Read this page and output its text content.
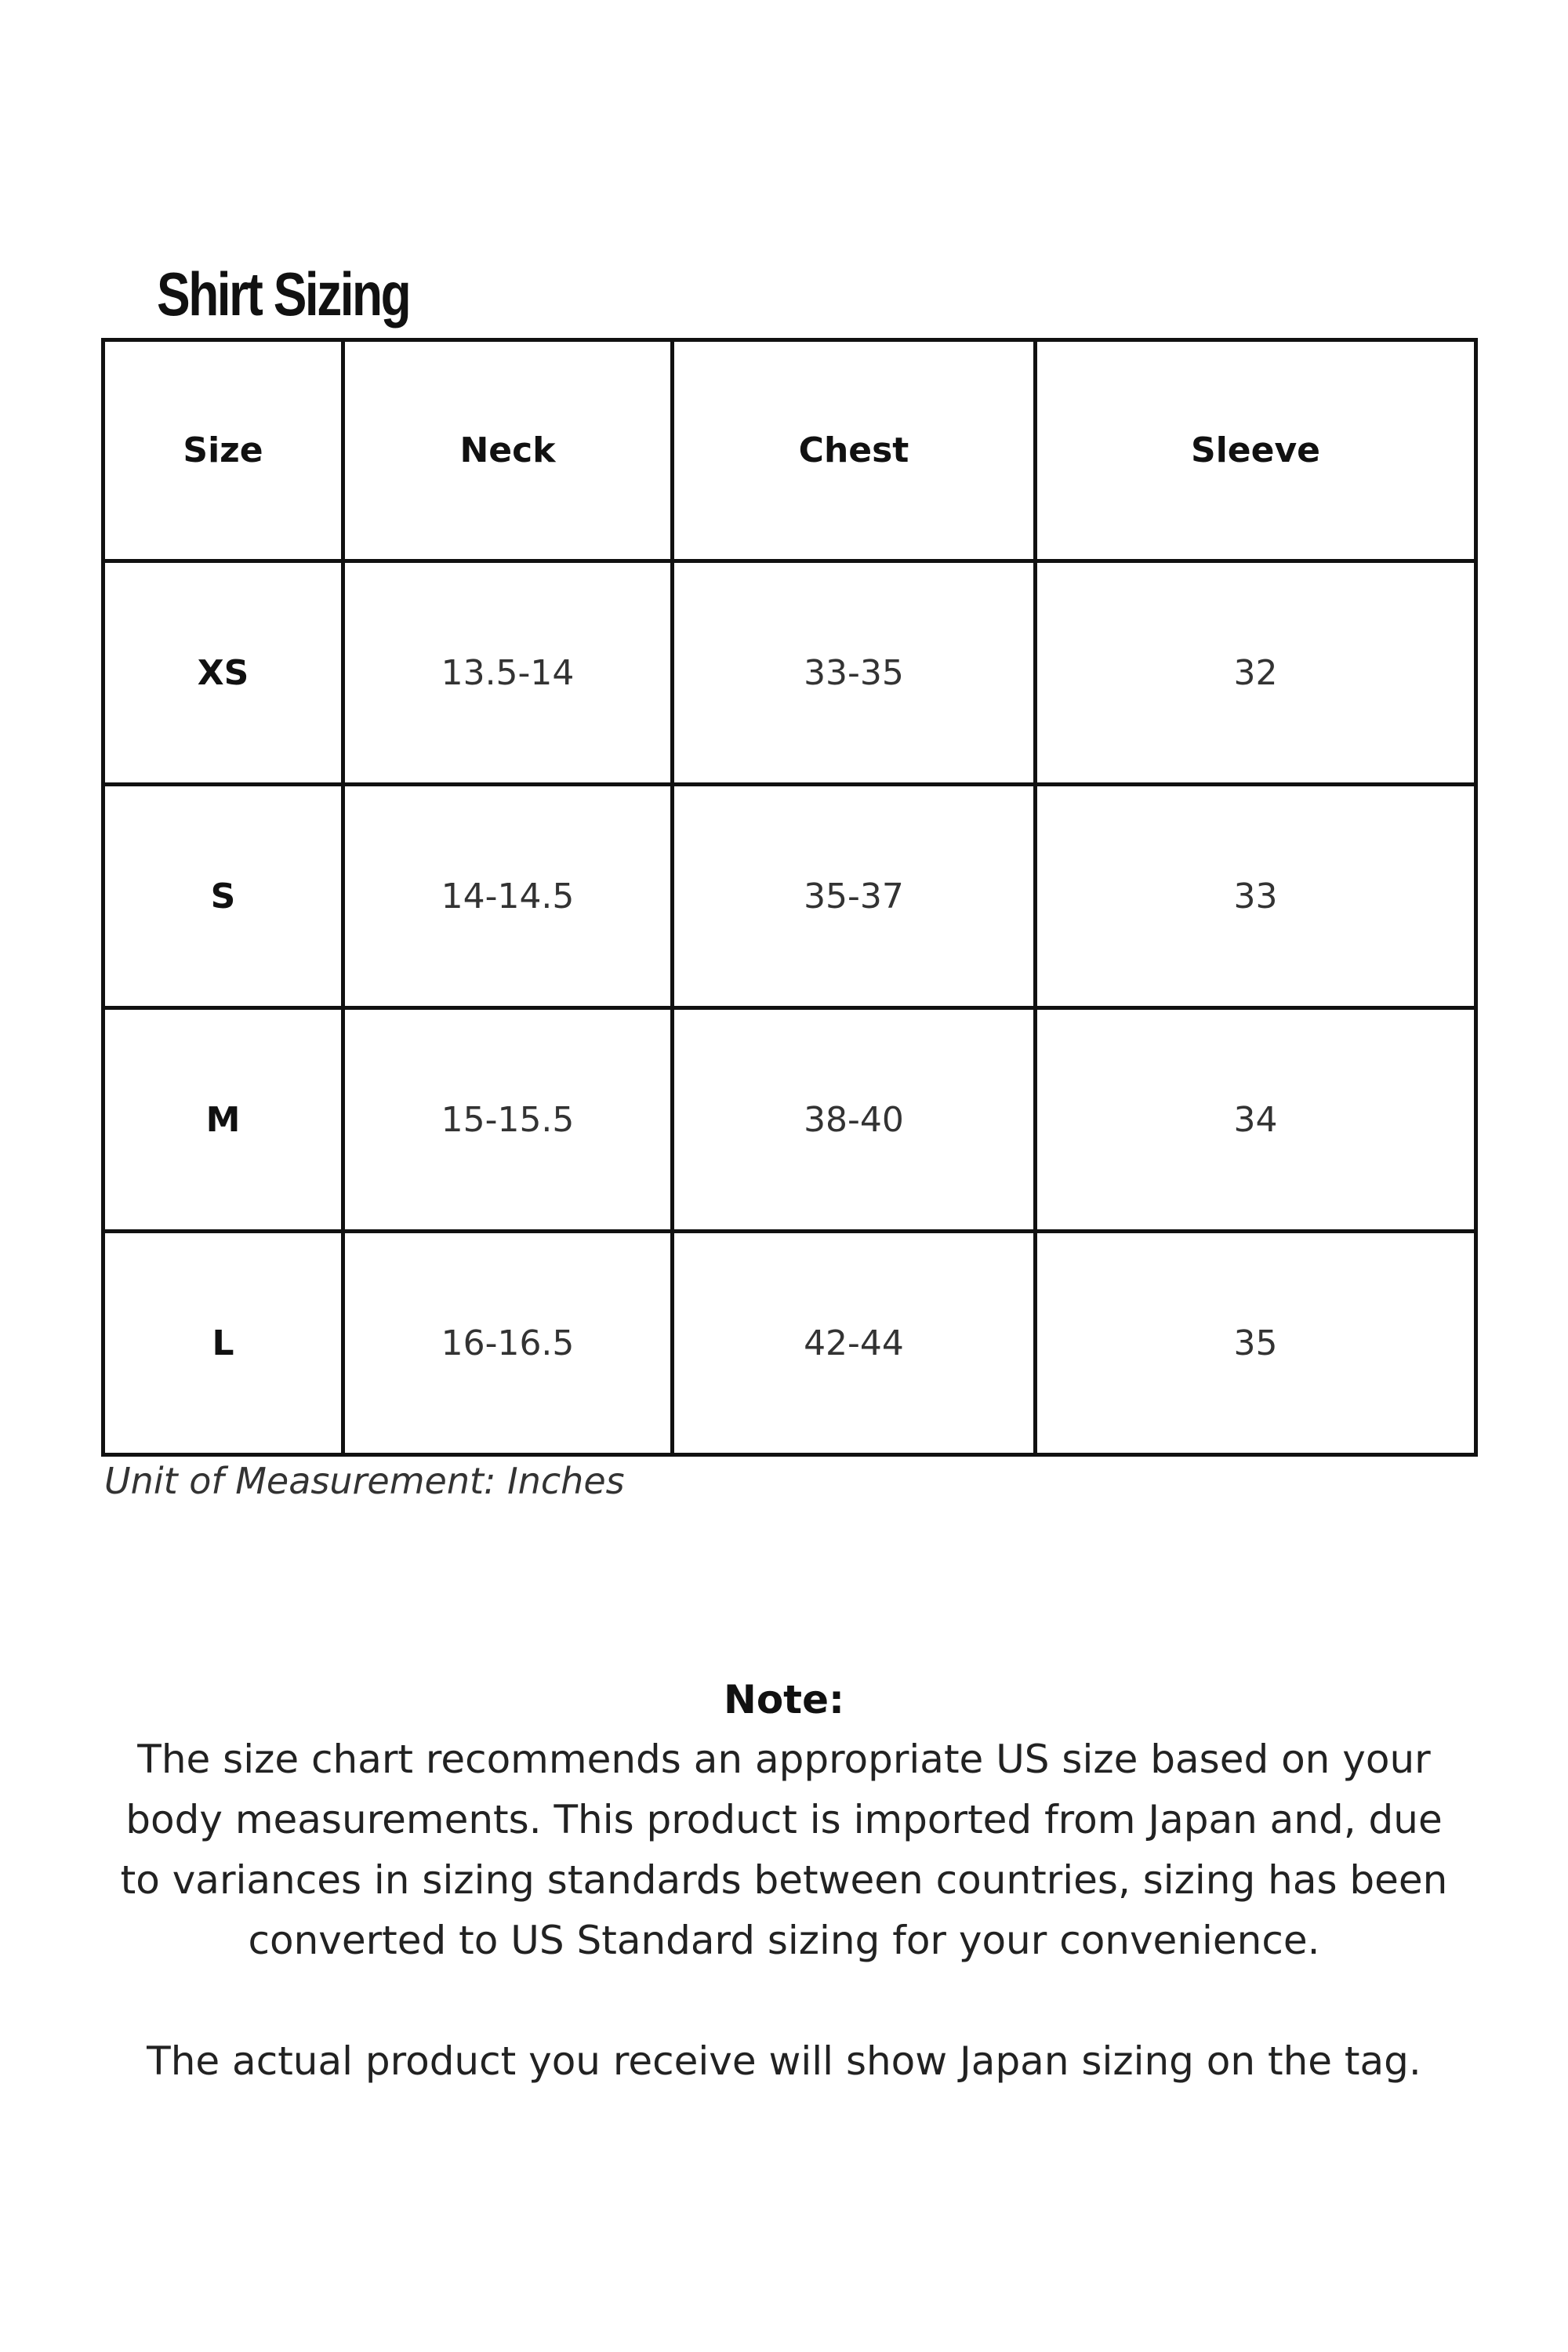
Shirt Sizing
Size	Neck	Chest	Sleeve
XS	13.5-14	33-35	32
S	14-14.5	35-37	33
M	15-15.5	38-40	34
L	16-16.5	42-44	35
Unit of Measurement: Inches
Note:

The size chart recommends an appropriate US size based on your body measurements. This product is imported from Japan and, due to variances in sizing standards between countries, sizing has been converted to US Standard sizing for your convenience.

The actual product you receive will show Japan sizing on the tag.
